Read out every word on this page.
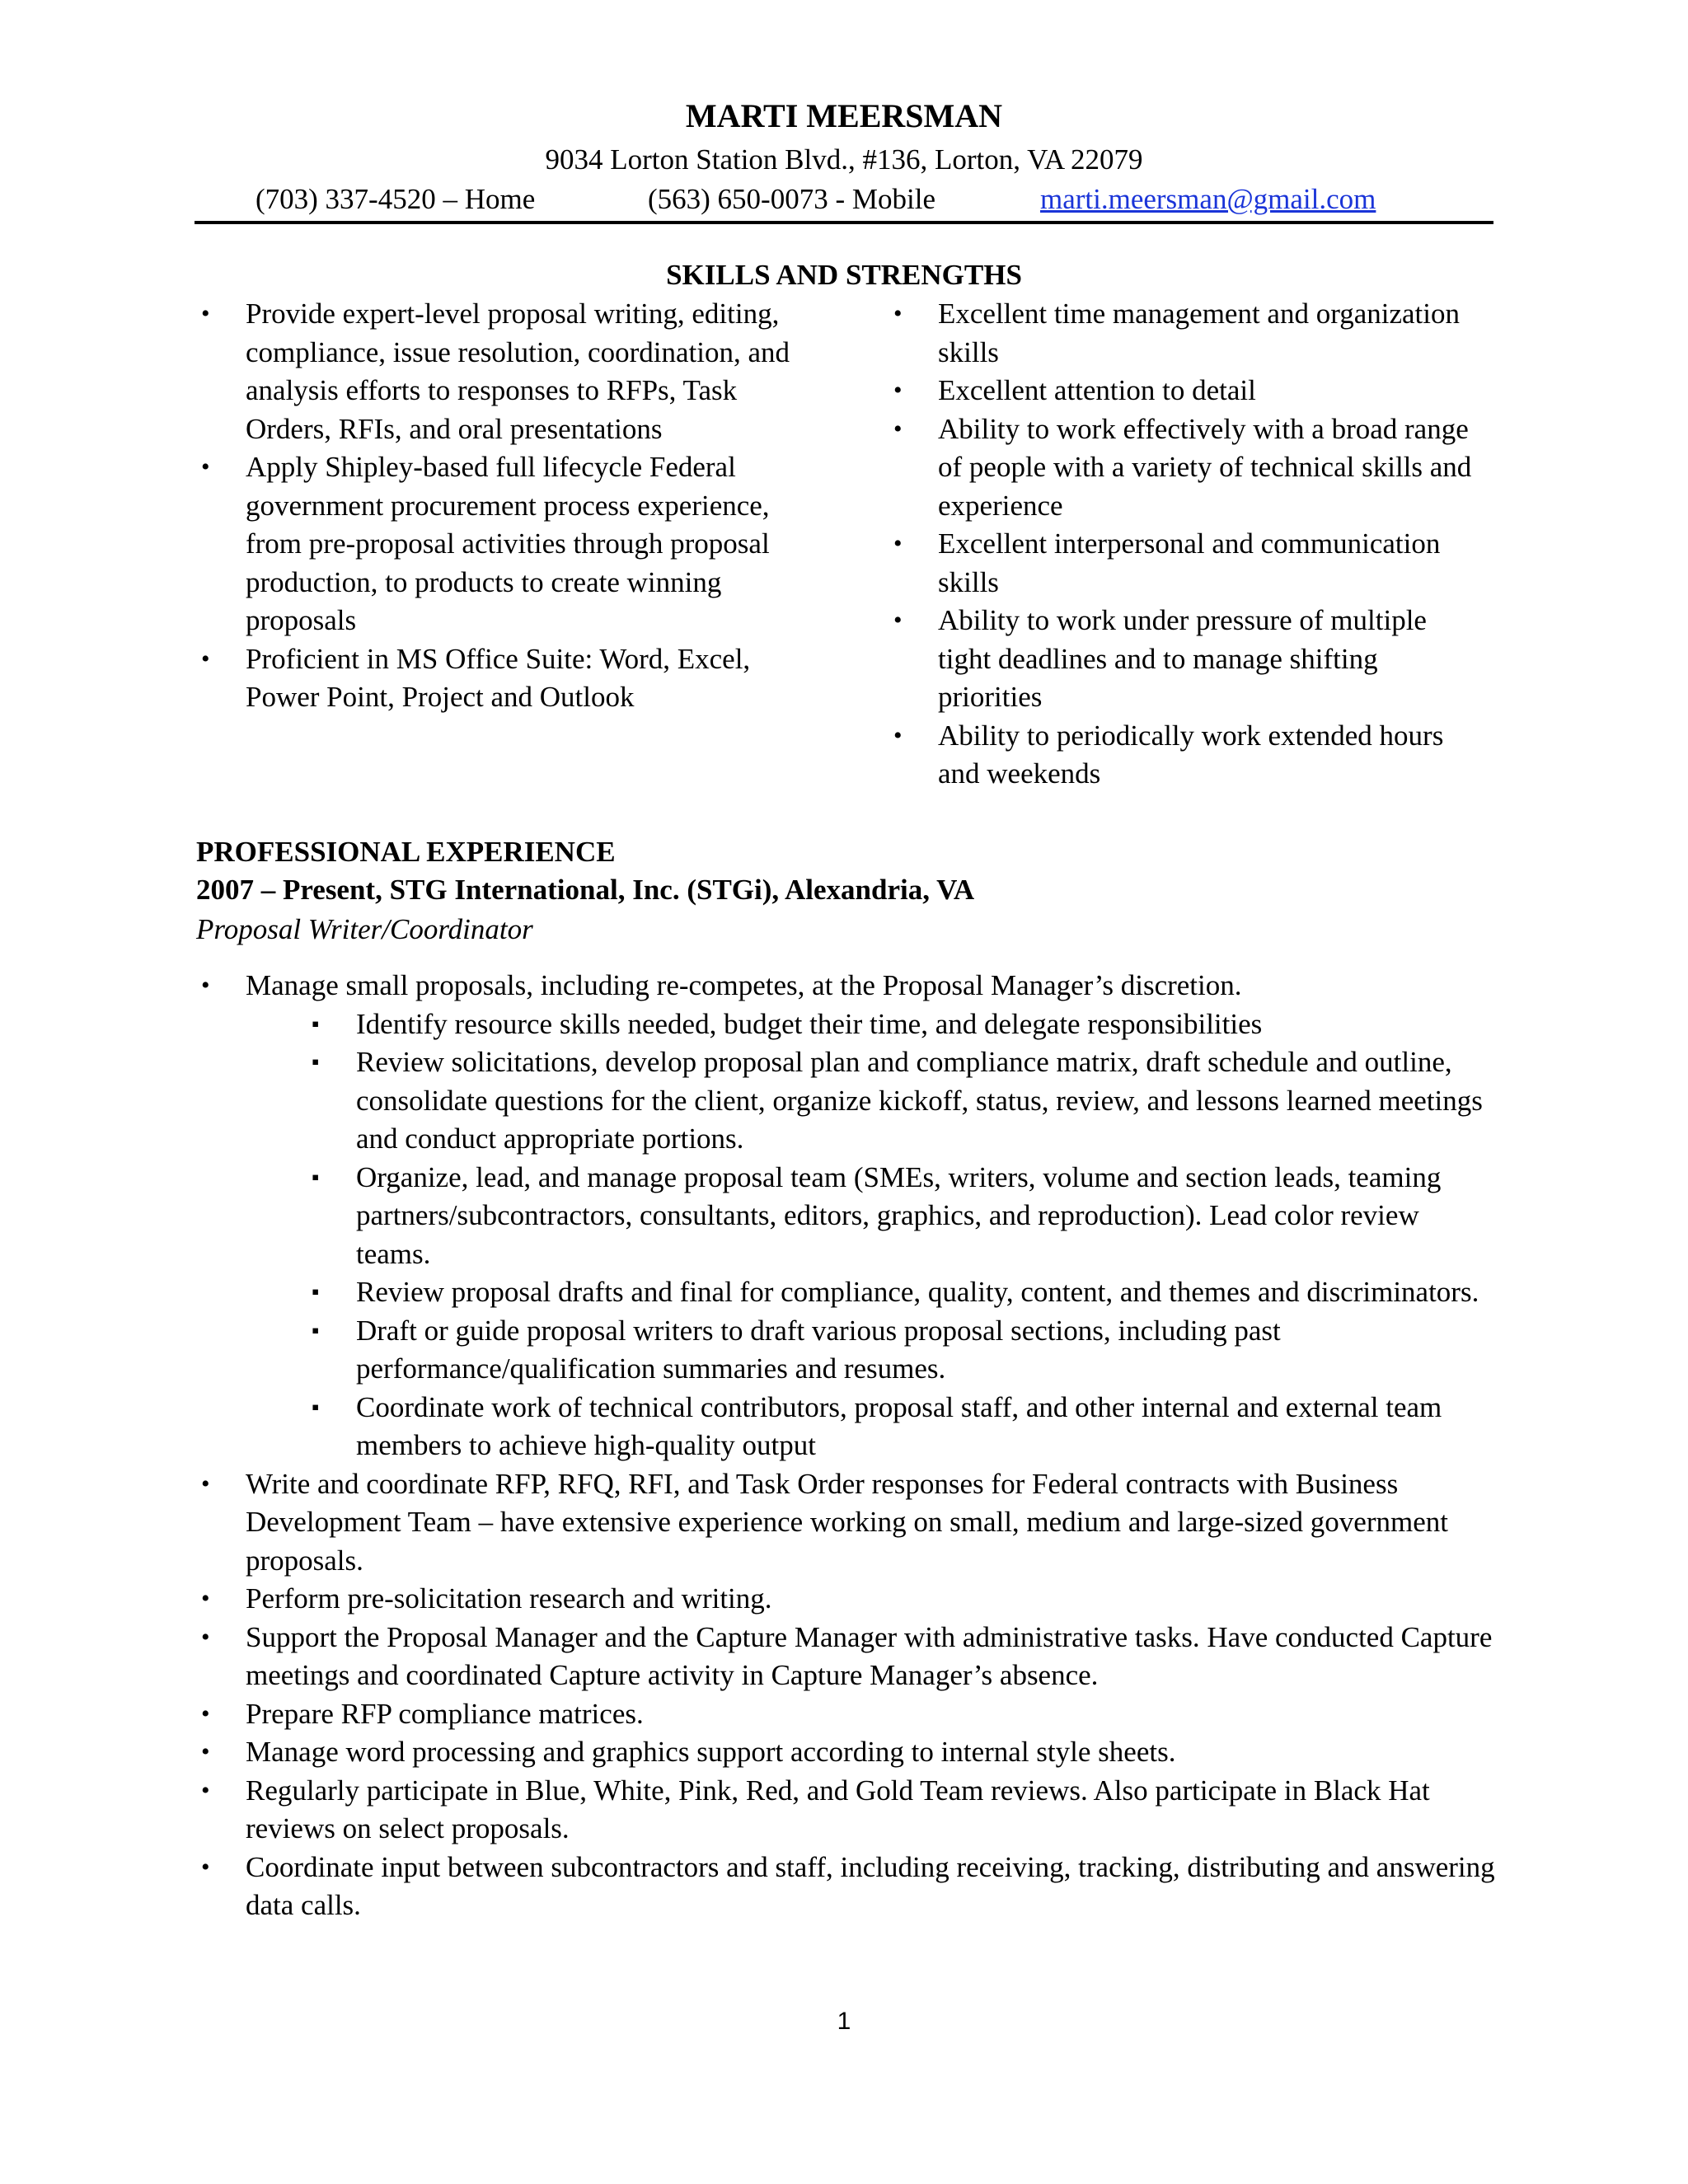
MARTI MEERSMAN
9034 Lorton Station Blvd., #136, Lorton, VA 22079
(703) 337-4520 – Home	(563) 650-0073 - Mobile	marti.meersman@gmail.com
SKILLS AND STRENGTHS
• Provide expert-level proposal writing, editing, compliance, issue resolution, coordination, and analysis efforts to responses to RFPs, Task Orders, RFIs, and oral presentations
• Apply Shipley-based full lifecycle Federal government procurement process experience, from pre-proposal activities through proposal production, to products to create winning proposals
• Proficient in MS Office Suite: Word, Excel, Power Point, Project and Outlook
• Excellent time management and organization skills
• Excellent attention to detail
• Ability to work effectively with a broad range of people with a variety of technical skills and experience
• Excellent interpersonal and communication skills
• Ability to work under pressure of multiple tight deadlines and to manage shifting priorities
• Ability to periodically work extended hours and weekends
PROFESSIONAL EXPERIENCE
2007 – Present, STG International, Inc. (STGi), Alexandria, VA
Proposal Writer/Coordinator
• Manage small proposals, including re-competes, at the Proposal Manager’s discretion.
▪ Identify resource skills needed, budget their time, and delegate responsibilities
▪ Review solicitations, develop proposal plan and compliance matrix, draft schedule and outline, consolidate questions for the client, organize kickoff, status, review, and lessons learned meetings and conduct appropriate portions.
▪ Organize, lead, and manage proposal team (SMEs, writers, volume and section leads, teaming partners/subcontractors, consultants, editors, graphics, and reproduction). Lead color review teams.
▪ Review proposal drafts and final for compliance, quality, content, and themes and discriminators.
▪ Draft or guide proposal writers to draft various proposal sections, including past performance/qualification summaries and resumes.
▪ Coordinate work of technical contributors, proposal staff, and other internal and external team members to achieve high-quality output
• Write and coordinate RFP, RFQ, RFI, and Task Order responses for Federal contracts with Business Development Team – have extensive experience working on small, medium and large-sized government proposals.
• Perform pre-solicitation research and writing.
• Support the Proposal Manager and the Capture Manager with administrative tasks. Have conducted Capture meetings and coordinated Capture activity in Capture Manager’s absence.
• Prepare RFP compliance matrices.
• Manage word processing and graphics support according to internal style sheets.
• Regularly participate in Blue, White, Pink, Red, and Gold Team reviews. Also participate in Black Hat reviews on select proposals.
• Coordinate input between subcontractors and staff, including receiving, tracking, distributing and answering data calls.
1
